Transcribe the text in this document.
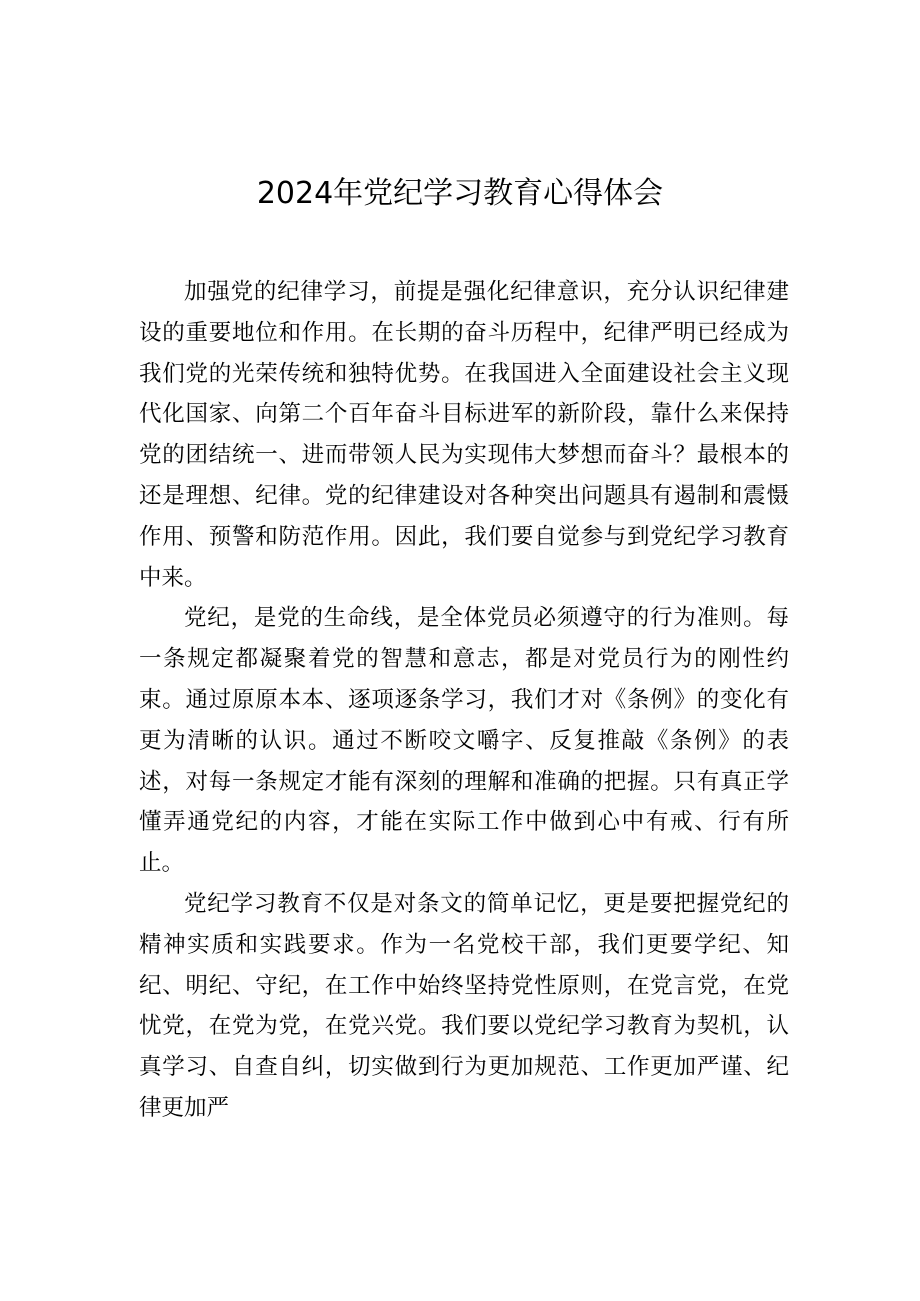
2024年党纪学习教育心得体会

加强党的纪律学习，前提是强化纪律意识，充分认识纪律建设的重要地位和作用。在长期的奋斗历程中，纪律严明已经成为我们党的光荣传统和独特优势。在我国进入全面建设社会主义现代化国家、向第二个百年奋斗目标进军的新阶段，靠什么来保持党的团结统一、进而带领人民为实现伟大梦想而奋斗？最根本的还是理想、纪律。党的纪律建设对各种突出问题具有遏制和震慑作用、预警和防范作用。因此，我们要自觉参与到党纪学习教育中来。

党纪，是党的生命线，是全体党员必须遵守的行为准则。每一条规定都凝聚着党的智慧和意志，都是对党员行为的刚性约束。通过原原本本、逐项逐条学习，我们才对《条例》的变化有更为清晰的认识。通过不断咬文嚼字、反复推敲《条例》的表述，对每一条规定才能有深刻的理解和准确的把握。只有真正学懂弄通党纪的内容，才能在实际工作中做到心中有戒、行有所止。

党纪学习教育不仅是对条文的简单记忆，更是要把握党纪的精神实质和实践要求。作为一名党校干部，我们更要学纪、知纪、明纪、守纪，在工作中始终坚持党性原则，在党言党，在党忧党，在党为党，在党兴党。我们要以党纪学习教育为契机，认真学习、自查自纠，切实做到行为更加规范、工作更加严谨、纪律更加严
